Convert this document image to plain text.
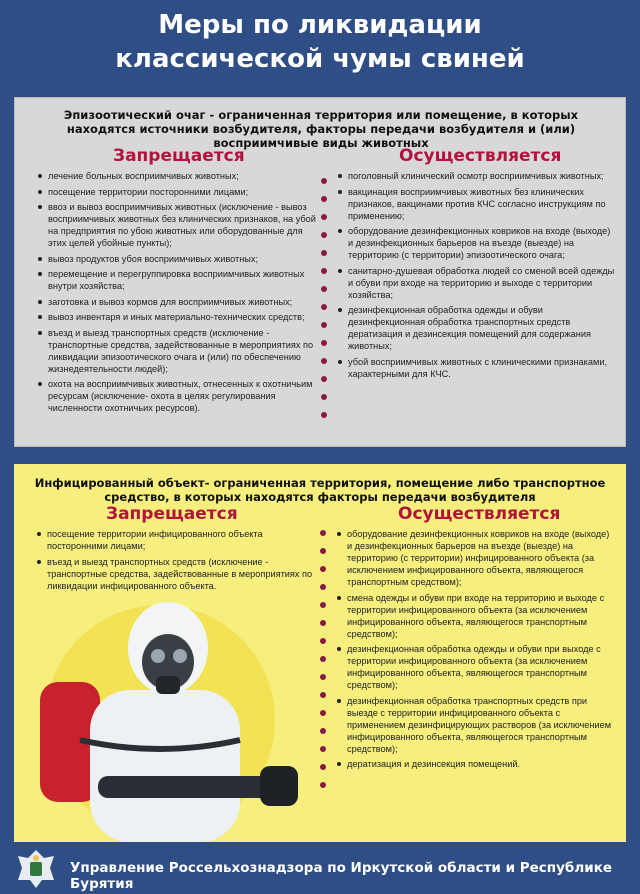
Меры по ликвидации
классической чумы свиней
Эпизоотический очаг - ограниченная территория или помещение, в которых находятся источники возбудителя, факторы передачи возбудителя и (или) восприимчивые виды животных
Запрещается	Осуществляется
лечение больных восприимчивых животных;
посещение территории посторонними лицами;
ввоз и вывоз восприимчивых животных (исключение - вывоз восприимчивых животных без клинических признаков, на убой на предприятия по убою животных или оборудованные для этих целей убойные пункты);
вывоз продуктов убоя восприимчивых животных;
перемещение и перегруппировка восприимчивых животных внутри хозяйства;
заготовка и вывоз кормов для восприимчивых животных;
вывоз инвентаря и иных материально-технических средств;
въезд и выезд транспортных средств (исключение - транспортные средства, задействованные в мероприятиях по ликвидации эпизоотического очага и (или) по обеспечению жизнедеятельности людей);
охота на восприимчивых животных, отнесенных к охотничьим ресурсам (исключение- охота в целях регулирования численности охотничьих ресурсов).
поголовный клинический осмотр восприимчивых животных;
вакцинация восприимчивых животных без клинических признаков, вакцинами против КЧС согласно инструкциям по применению;
оборудование дезинфекционных ковриков на входе (выходе) и дезинфекционных барьеров на въезде (выезде) на территорию (с территории) эпизоотического очага;
санитарно-душевая обработка людей со сменой всей одежды и обуви при входе на территорию и выходе с территории хозяйства;
дезинфекционная обработка одежды и обуви дезинфекционная обработка транспортных средств дератизация и дезинсекция помещений для содержания животных;
убой восприимчивых животных с клиническими признаками, характерными для КЧС.
Инфицированный объект- ограниченная территория, помещение либо транспортное средство, в которых находятся факторы передачи возбудителя
Запрещается	Осуществляется
посещение территории инфицированного объекта посторонними лицами;
въезд и выезд транспортных средств (исключение - транспортные средства, задействованные в мероприятиях по ликвидации инфицированного объекта.
оборудование дезинфекционных ковриков на входе (выходе) и дезинфекционных барьеров на въезде (выезде) на территорию (с территории) инфицированного объекта (за исключением инфицированного объекта, являющегося транспортным средством);
смена одежды и обуви при входе на территорию и выходе с территории инфицированного объекта (за исключением инфицированного объекта, являющегося транспортным средством);
дезинфекционная обработка одежды и обуви при выходе с территории инфицированного объекта (за исключением инфицированного объекта, являющегося транспортным средством);
дезинфекционная обработка транспортных средств при выезде с территории инфицированного объекта с применением дезинфицирующих растворов (за исключением инфицированного объекта, являющегося транспортным средством);
дератизация и дезинсекция помещений.
Управление Россельхознадзора по Иркутской области и Республике Бурятия
